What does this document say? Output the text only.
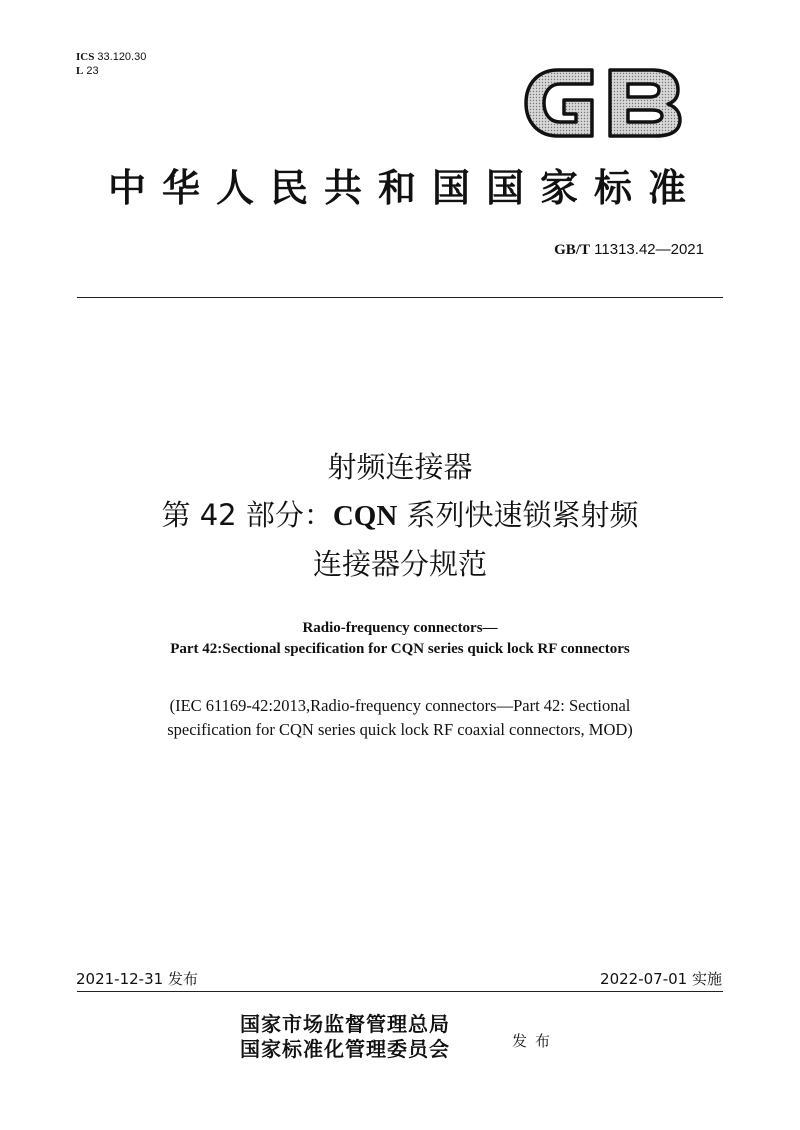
ICS 33.120.30
L 23
GB
中华人民共和国国家标准
GB/T 11313.42—2021
射频连接器
第 42 部分：CQN 系列快速锁紧射频
连接器分规范
Radio-frequency connectors—
Part 42:Sectional specification for CQN series quick lock RF connectors
(IEC 61169-42:2013,Radio-frequency connectors—Part 42: Sectional
specification for CQN series quick lock RF coaxial connectors, MOD)
2021-12-31 发布	2022-07-01 实施
国家市场监督管理总局
国家标准化管理委员会	发布
